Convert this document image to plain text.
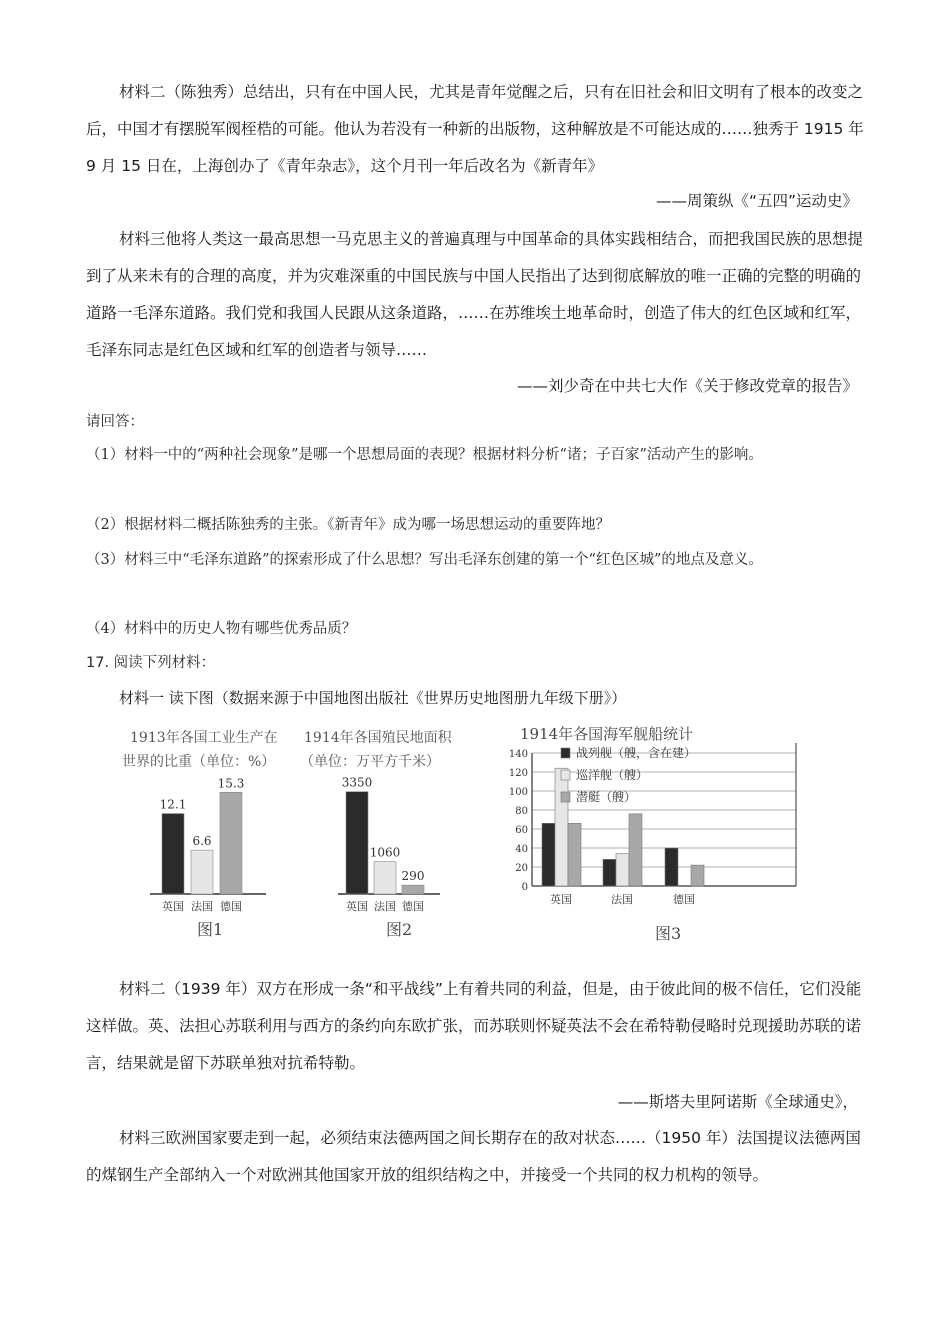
材料二（陈独秀）总结出，只有在中国人民，尤其是青年觉醒之后，只有在旧社会和旧文明有了根本的改变之后，中国才有摆脱军阀桎梏的可能。他认为若没有一种新的出版物，这种解放是不可能达成的……独秀于 1915 年 9 月 15 日在，上海创办了《青年杂志》，这个月刊一年后改名为《新青年》

——周策纵《“五四”运动史》

材料三他将人类这一最高思想一马克思主义的普遍真理与中国革命的具体实践相结合，而把我国民族的思想提到了从来未有的合理的高度，并为灾难深重的中国民族与中国人民指出了达到彻底解放的唯一正确的完整的明确的道路一毛泽东道路。我们党和我国人民跟从这条道路，……在苏维埃土地革命时，创造了伟大的红色区域和红军，毛泽东同志是红色区域和红军的创造者与领导……

——刘少奇在中共七大作《关于修改党章的报告》

请回答：

（1）材料一中的“两种社会现象”是哪一个思想局面的表现？根据材料分析“诸；子百家”活动产生的影响。

（2）根据材料二概括陈独秀的主张。《新青年》成为哪一场思想运动的重要阵地？

（3）材料三中“毛泽东道路”的探索形成了什么思想？写出毛泽东创建的第一个“红色区城”的地点及意义。

（4）材料中的历史人物有哪些优秀品质？

17. 阅读下列材料：

材料一 读下图（数据来源于中国地图出版社《世界历史地图册九年级下册》）

1913年各国工业生产在
世界的比重（单位：%）
12.1
英国
6.6
法国
15.3
德国
图1
1914年各国殖民地面积
（单位：万平方千米）
3350
英国
1060
法国
290
德国
图2
1914年各国海军舰船统计
0
20
40
60
80
100
120
140
英国	法国	德国
战列舰（艘，含在建）
巡洋舰（艘）
潜艇（艘）
图3

材料二（1939 年）双方在形成一条“和平战线”上有着共同的利益，但是，由于彼此间的极不信任，它们没能这样做。英、法担心苏联利用与西方的条约向东欧扩张，而苏联则怀疑英法不会在希特勒侵略时兑现援助苏联的诺言，结果就是留下苏联单独对抗希特勒。

——斯塔夫里阿诺斯《全球通史》，

材料三欧洲国家要走到一起，必须结束法德两国之间长期存在的敌对状态……（1950 年）法国提议法德两国的煤钢生产全部纳入一个对欧洲其他国家开放的组织结构之中，并接受一个共同的权力机构的领导。
